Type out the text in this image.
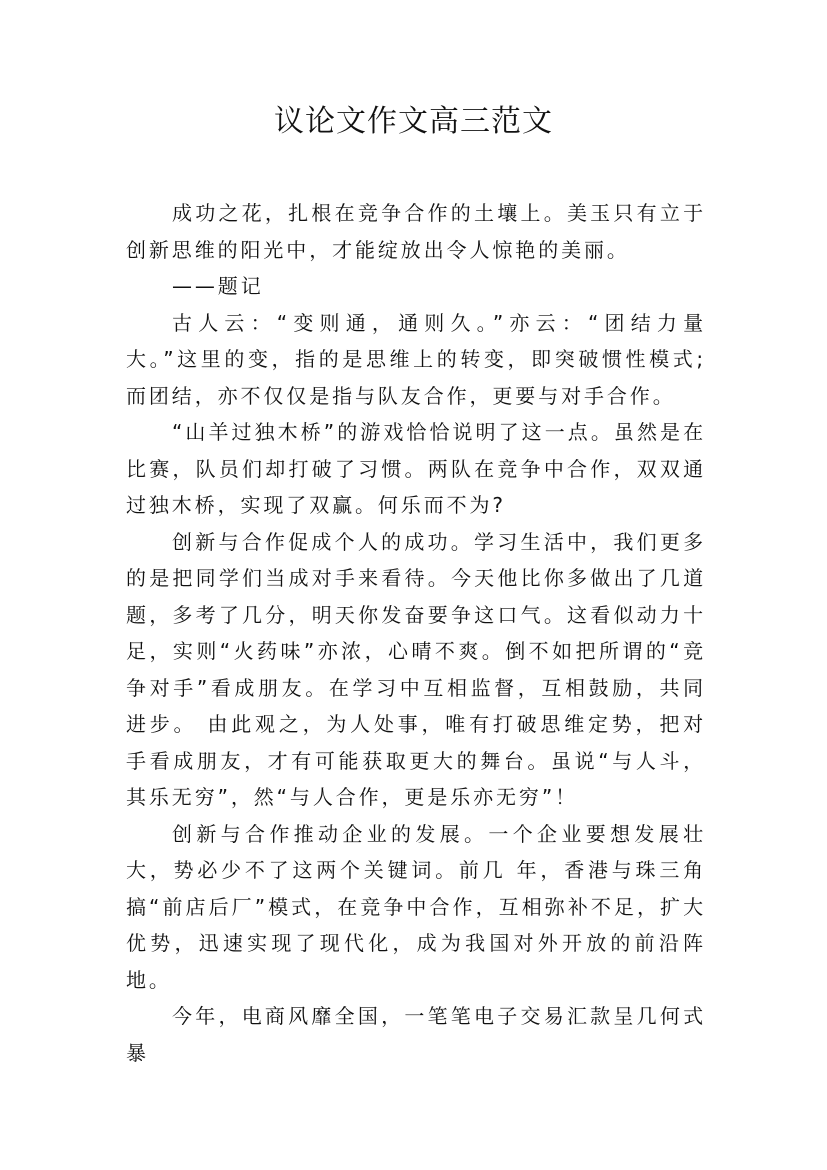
议论文作文高三范文

成功之花，扎根在竞争合作的土壤上。美玉只有立于创新思维的阳光中，才能绽放出令人惊艳的美丽。

——题记

古人云：“变则通，通则久。”亦云：“团结力量大。”这里的变，指的是思维上的转变，即突破惯性模式;而团结，亦不仅仅是指与队友合作，更要与对手合作。

“山羊过独木桥”的游戏恰恰说明了这一点。虽然是在比赛，队员们却打破了习惯。两队在竞争中合作，双双通过独木桥，实现了双赢。何乐而不为?

创新与合作促成个人的成功。学习生活中，我们更多的是把同学们当成对手来看待。今天他比你多做出了几道题，多考了几分，明天你发奋要争这口气。这看似动力十足，实则“火药味”亦浓，心晴不爽。倒不如把所谓的“竞争对手”看成朋友。在学习中互相监督，互相鼓励，共同进步。 由此观之，为人处事，唯有打破思维定势，把对手看成朋友，才有可能获取更大的舞台。虽说“与人斗，其乐无穷”，然“与人合作，更是乐亦无穷”！

创新与合作推动企业的发展。一个企业要想发展壮大，势必少不了这两个关键词。前几 年，香港与珠三角搞“前店后厂”模式，在竞争中合作，互相弥补不足，扩大优势，迅速实现了现代化，成为我国对外开放的前沿阵地。

今年，电商风靡全国，一笔笔电子交易汇款呈几何式暴
